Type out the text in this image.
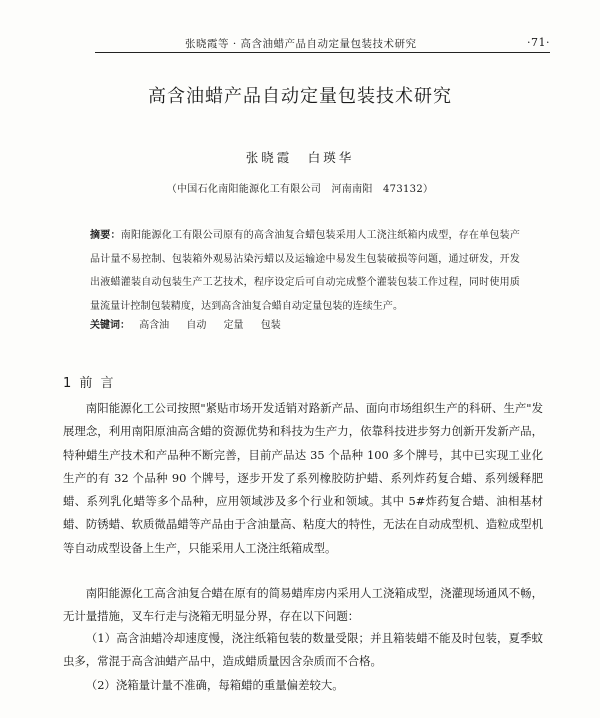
张晓霞等 · 高含油蜡产品自动定量包装技术研究	·71·
高含油蜡产品自动定量包装技术研究
张晓霞　白瑛华
（中国石化南阳能源化工有限公司　河南南阳　473132）
摘要：南阳能源化工有限公司原有的高含油复合蜡包装采用人工浇注纸箱内成型，存在单包装产品计量不易控制、包装箱外观易沾染污蜡以及运输途中易发生包装破损等问题，通过研发，开发出液蜡灌装自动包装生产工艺技术，程序设定后可自动完成整个灌装包装工作过程，同时使用质量流量计控制包装精度，达到高含油复合蜡自动定量包装的连续生产。
关键词： 高含油 自动 定量 包装
1 前 言

南阳能源化工公司按照"紧贴市场开发适销对路新产品、面向市场组织生产的科研、生产"发展理念，利用南阳原油高含蜡的资源优势和科技为生产力，依靠科技进步努力创新开发新产品，特种蜡生产技术和产品种不断完善，目前产品达 35 个品种 100 多个牌号，其中已实现工业化生产的有 32 个品种 90 个牌号，逐步开发了系列橡胶防护蜡、系列炸药复合蜡、系列缓释肥蜡、系列乳化蜡等多个品种，应用领域涉及多个行业和领域。其中 5#炸药复合蜡、油相基材蜡、防锈蜡、软质微晶蜡等产品由于含油量高、粘度大的特性，无法在自动成型机、造粒成型机等自动成型设备上生产，只能采用人工浇注纸箱成型。

南阳能源化工高含油复合蜡在原有的简易蜡库房内采用人工浇箱成型，浇灌现场通风不畅，无计量措施，叉车行走与浇箱无明显分界，存在以下问题：

（1）高含油蜡冷却速度慢，浇注纸箱包装的数量受限；并且箱装蜡不能及时包装，夏季蚊虫多，常混于高含油蜡产品中，造成蜡质量因含杂质而不合格。

（2）浇箱量计量不准确，每箱蜡的重量偏差较大。
